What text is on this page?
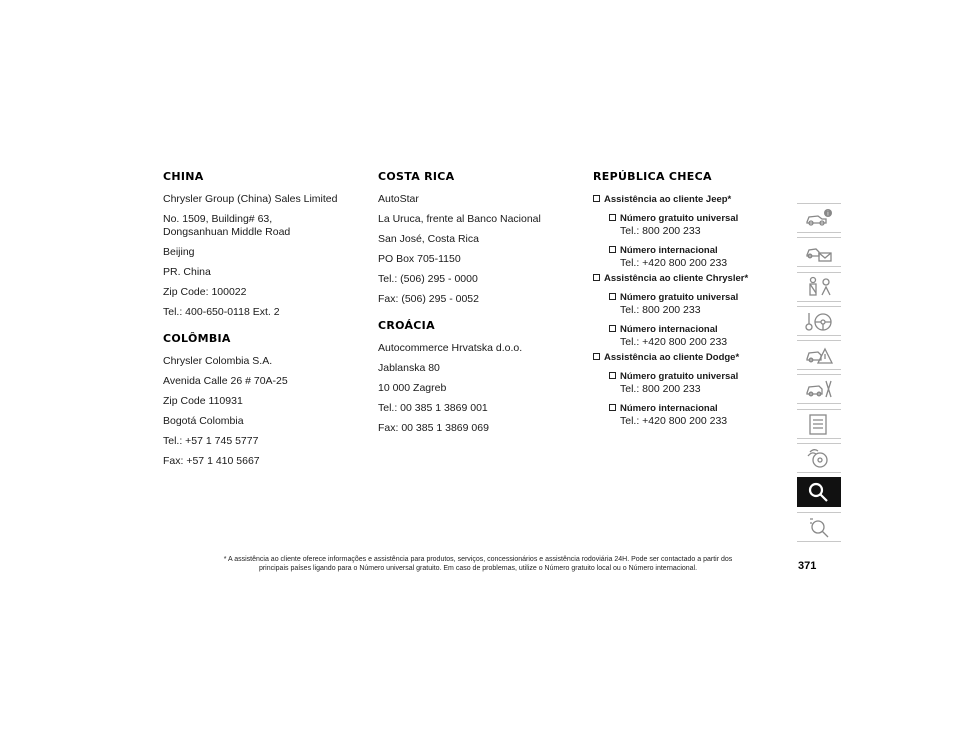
CHINA

Chrysler Group (China) Sales Limited

No. 1509, Building# 63,
Dongsanhuan Middle Road

Beijing

PR. China

Zip Code: 100022

Tel.: 400-650-0118 Ext. 2

COLÔMBIA

Chrysler Colombia S.A.

Avenida Calle 26 # 70A-25

Zip Code 110931

Bogotá Colombia

Tel.: +57 1 745 5777

Fax: +57 1 410 5667

COSTA RICA

AutoStar

La Uruca, frente al Banco Nacional

San José, Costa Rica

PO Box 705-1150

Tel.: (506) 295 - 0000

Fax: (506) 295 - 0052

CROÁCIA

Autocommerce Hrvatska d.o.o.

Jablanska 80

10 000 Zagreb

Tel.: 00 385 1 3869 001

Fax: 00 385 1 3869 069

REPÚBLICA CHECA
Assistência ao cliente Jeep*
Número gratuito universal
Tel.: 800 200 233
Número internacional
Tel.: +420 800 200 233
Assistência ao cliente Chrysler*
Número gratuito universal
Tel.: 800 200 233
Número internacional
Tel.: +420 800 200 233
Assistência ao cliente Dodge*
Número gratuito universal
Tel.: 800 200 233
Número internacional
Tel.: +420 800 200 233
i
* A assistência ao cliente oferece informações e assistência para produtos, serviços, concessionários e assistência rodoviária 24H. Pode ser contactado a partir dos
principais países ligando para o Número universal gratuito. Em caso de problemas, utilize o Número gratuito local ou o Número internacional.	371
